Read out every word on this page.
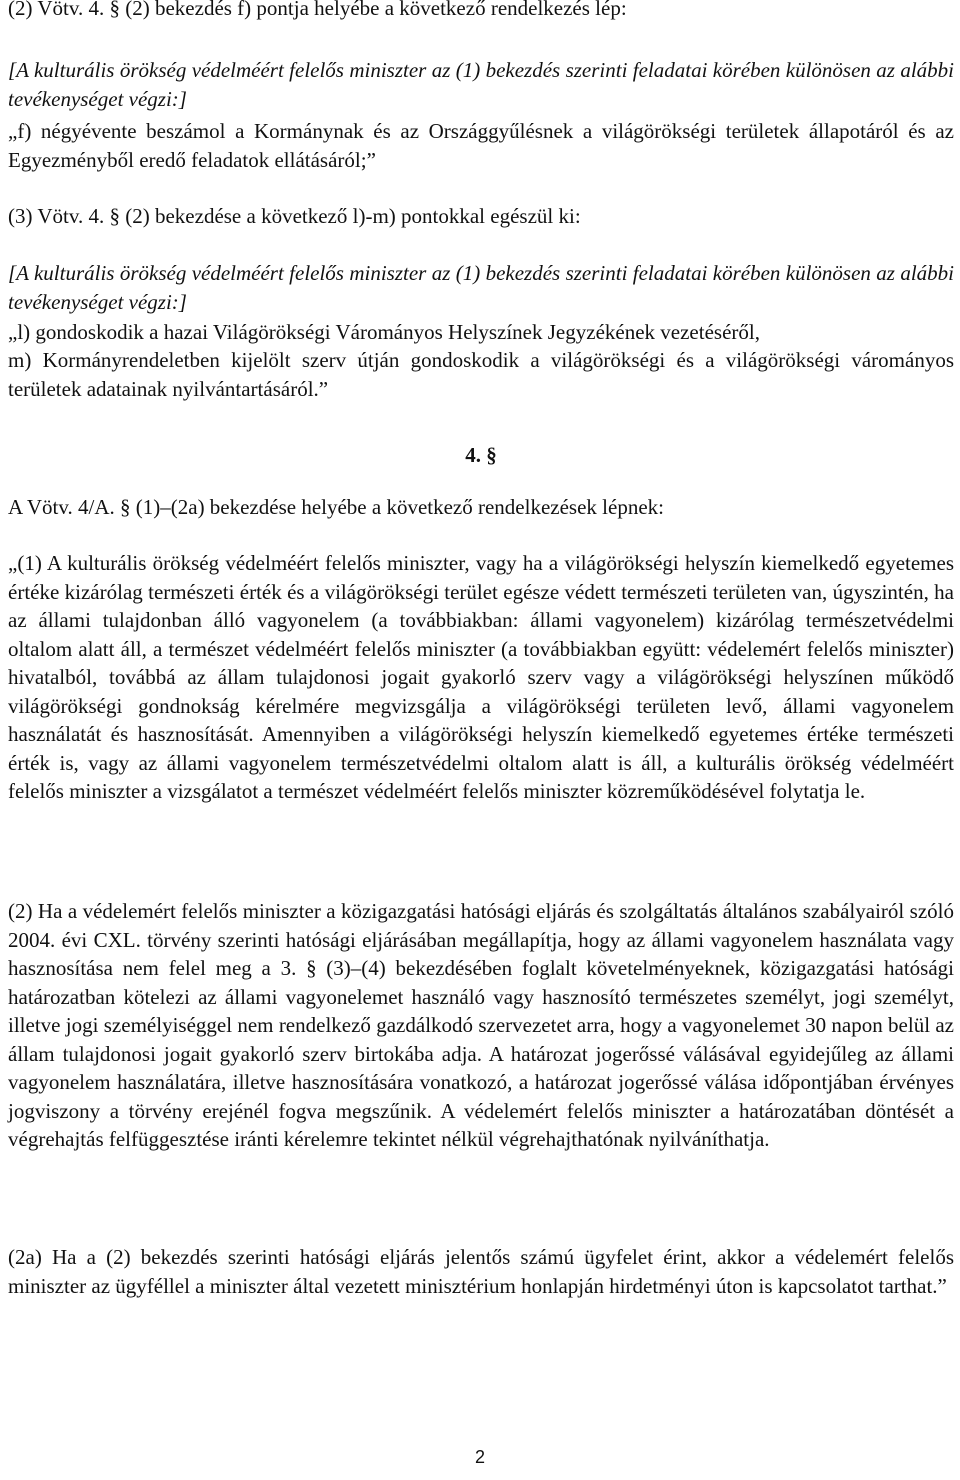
(2) Vötv. 4. § (2) bekezdés f) pontja helyébe a következő rendelkezés lép:

[A kulturális örökség védelméért felelős miniszter az (1) bekezdés szerinti feladatai körében különösen az alábbi tevékenységet végzi:]

„f) négyévente beszámol a Kormánynak és az Országgyűlésnek a világörökségi területek állapotáról és az Egyezményből eredő feladatok ellátásáról;”

(3) Vötv. 4. § (2) bekezdése a következő l)-m) pontokkal egészül ki:

[A kulturális örökség védelméért felelős miniszter az (1) bekezdés szerinti feladatai körében különösen az alábbi tevékenységet végzi:]

„l) gondoskodik a hazai Világörökségi Várományos Helyszínek Jegyzékének vezetéséről,

m) Kormányrendeletben kijelölt szerv útján gondoskodik a világörökségi és a világörökségi várományos területek adatainak nyilvántartásáról.”

4. §

A Vötv. 4/A. § (1)–(2a) bekezdése helyébe a következő rendelkezések lépnek:

„(1) A kulturális örökség védelméért felelős miniszter, vagy ha a világörökségi helyszín kiemelkedő egyetemes értéke kizárólag természeti érték és a világörökségi terület egésze védett természeti területen van, úgyszintén, ha az állami tulajdonban álló vagyonelem (a továbbiakban: állami vagyonelem) kizárólag természetvédelmi oltalom alatt áll, a természet védelméért felelős miniszter (a továbbiakban együtt: védelemért felelős miniszter) hivatalból, továbbá az állam tulajdonosi jogait gyakorló szerv vagy a világörökségi helyszínen működő világörökségi gondnokság kérelmére megvizsgálja a világörökségi területen levő, állami vagyonelem használatát és hasznosítását. Amennyiben a világörökségi helyszín kiemelkedő egyetemes értéke természeti érték is, vagy az állami vagyonelem természetvédelmi oltalom alatt is áll, a kulturális örökség védelméért felelős miniszter a vizsgálatot a természet védelméért felelős miniszter közreműködésével folytatja le.

(2) Ha a védelemért felelős miniszter a közigazgatási hatósági eljárás és szolgáltatás általános szabályairól szóló 2004. évi CXL. törvény szerinti hatósági eljárásában megállapítja, hogy az állami vagyonelem használata vagy hasznosítása nem felel meg a 3. § (3)–(4) bekezdésében foglalt követelményeknek, közigazgatási hatósági határozatban kötelezi az állami vagyonelemet használó vagy hasznosító természetes személyt, jogi személyt, illetve jogi személyiséggel nem rendelkező gazdálkodó szervezetet arra, hogy a vagyonelemet 30 napon belül az állam tulajdonosi jogait gyakorló szerv birtokába adja. A határozat jogerőssé válásával egyidejűleg az állami vagyonelem használatára, illetve hasznosítására vonatkozó, a határozat jogerőssé válása időpontjában érvényes jogviszony a törvény erejénél fogva megszűnik. A védelemért felelős miniszter a határozatában döntését a végrehajtás felfüggesztése iránti kérelemre tekintet nélkül végrehajthatónak nyilváníthatja.

(2a) Ha a (2) bekezdés szerinti hatósági eljárás jelentős számú ügyfelet érint, akkor a védelemért felelős miniszter az ügyféllel a miniszter által vezetett minisztérium honlapján hirdetményi úton is kapcsolatot tarthat.”

2
